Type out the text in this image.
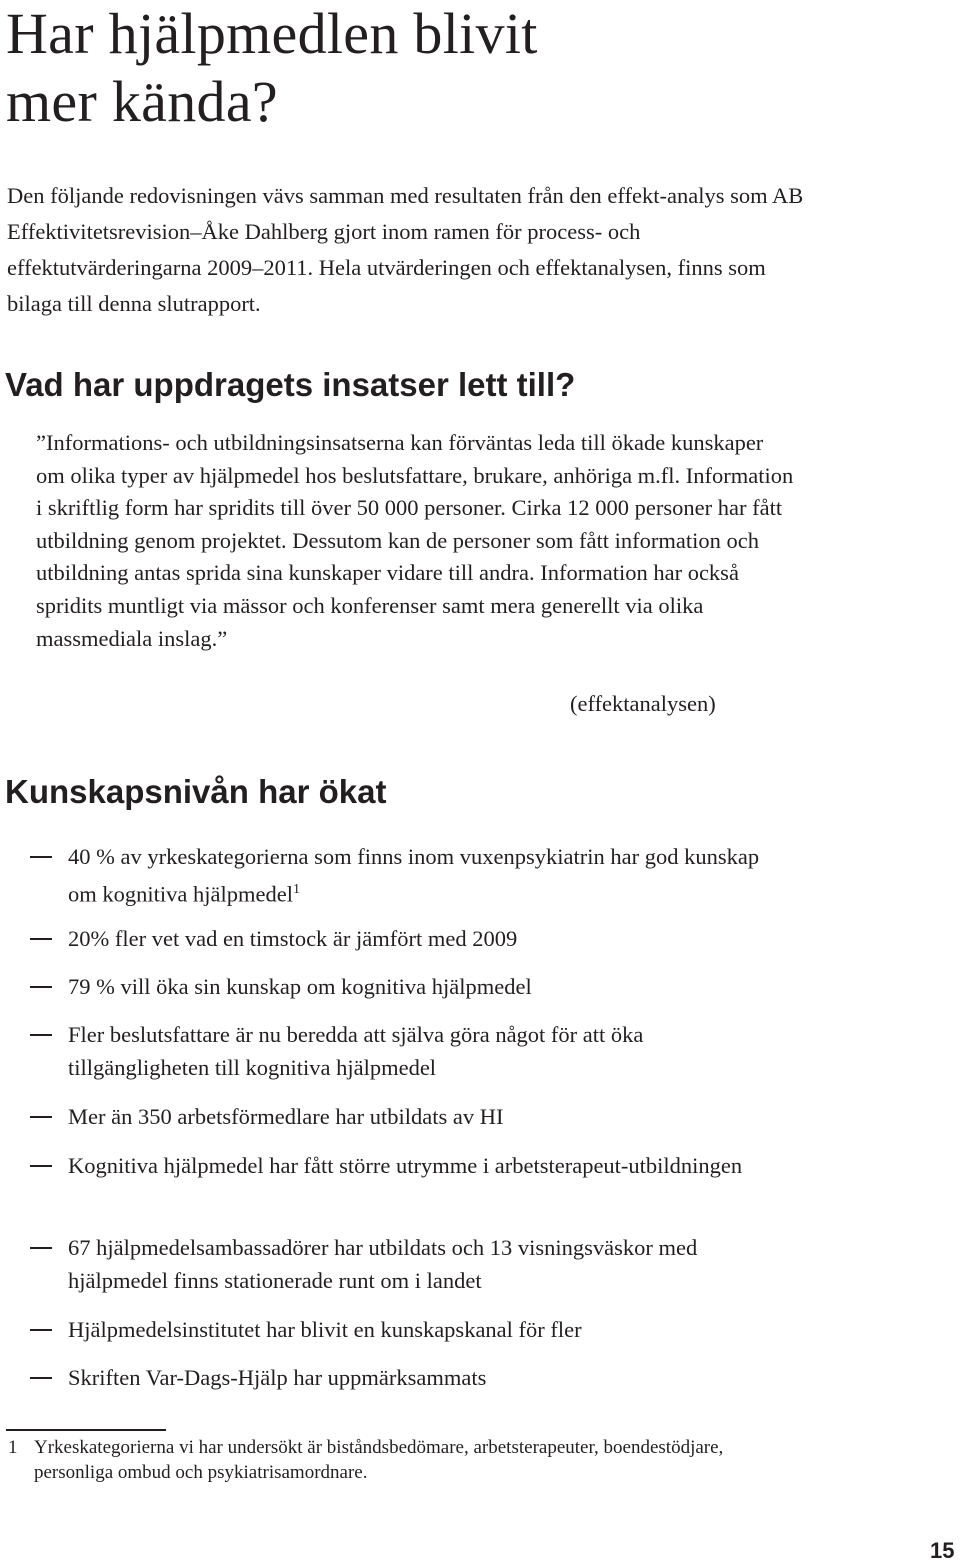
Har hjälpmedlen blivit
mer kända?

Den följande redovisningen vävs samman med resultaten från den effekt-analys som AB Effektivitetsrevision–Åke Dahlberg gjort inom ramen för process- och effektutvärderingarna 2009–2011. Hela utvärderingen och effektanalysen, finns som bilaga till denna slutrapport.

Vad har uppdragets insatser lett till?

”Informations- och utbildningsinsatserna kan förväntas leda till ökade kunskaper om olika typer av hjälpmedel hos beslutsfattare, brukare, anhöriga m.fl. Information i skriftlig form har spridits till över 50 000 personer. Cirka 12 000 personer har fått utbildning genom projektet. Dessutom kan de personer som fått information och utbildning antas sprida sina kunskaper vidare till andra. Information har också spridits muntligt via mässor och konferenser samt mera generellt via olika massmediala inslag.”

(effektanalysen)

Kunskapsnivån har ökat
40 % av yrkeskategorierna som finns inom vuxenpsykiatrin har god kunskap om kognitiva hjälpmedel$^1$
20% fler vet vad en timstock är jämfört med 2009
79 % vill öka sin kunskap om kognitiva hjälpmedel
Fler beslutsfattare är nu beredda att själva göra något för att öka tillgängligheten till kognitiva hjälpmedel
Mer än 350 arbetsförmedlare har utbildats av HI
Kognitiva hjälpmedel har fått större utrymme i arbetsterapeut-utbildningen
67 hjälpmedelsambassadörer har utbildats och 13 visningsväskor med hjälpmedel finns stationerade runt om i landet
Hjälpmedelsinstitutet har blivit en kunskapskanal för fler
Skriften Var-Dags-Hjälp har uppmärksammats
1 Yrkeskategorierna vi har undersökt är biståndsbedömare, arbetsterapeuter, boendestödjare, personliga ombud och psykiatrisamordnare.

15
